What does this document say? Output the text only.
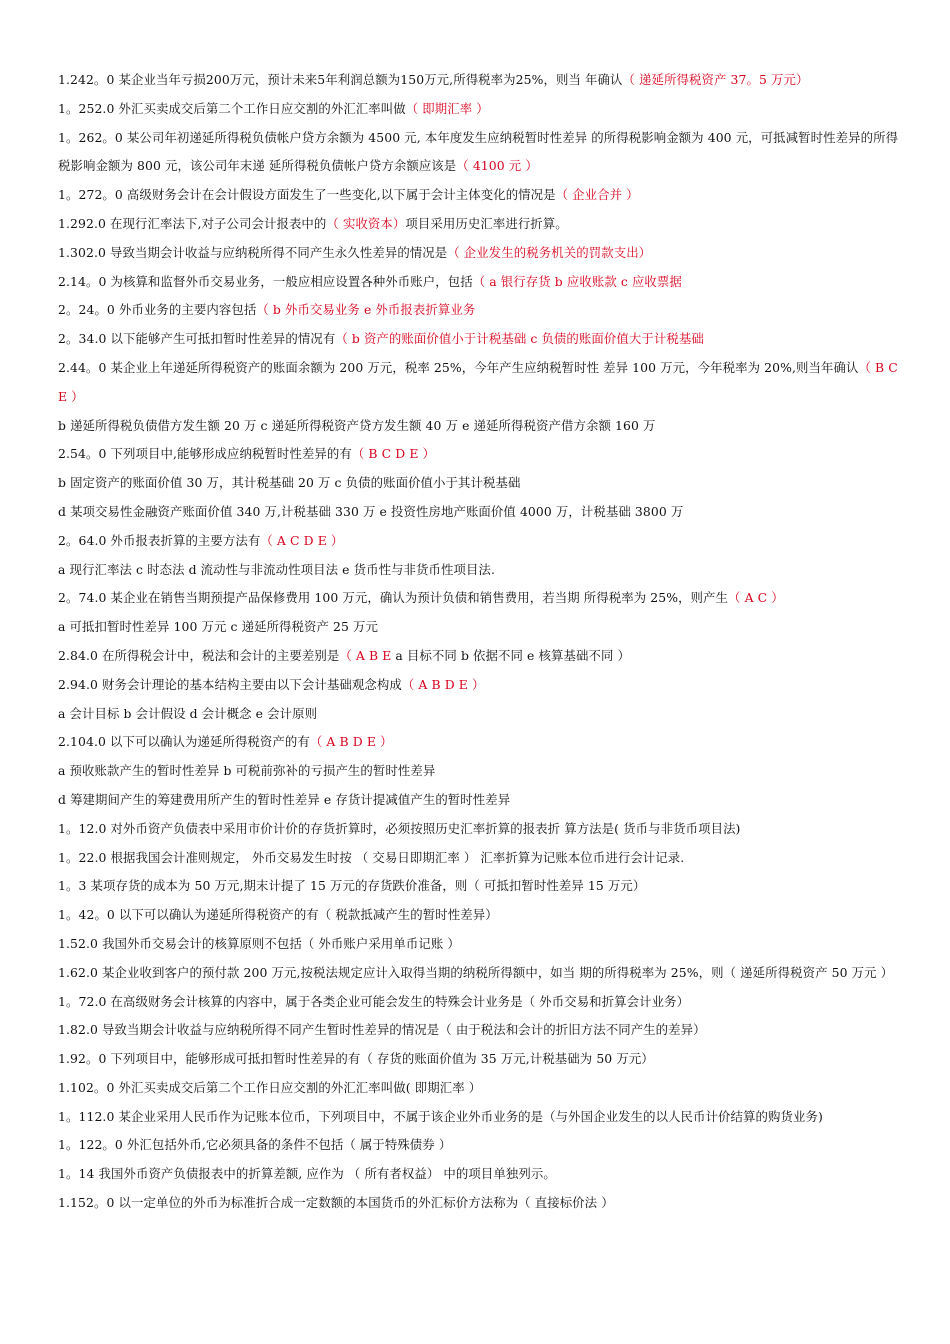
1.242。0 某企业当年亏损200万元，预计未来5年利润总额为150万元,所得税率为25%，则当 年确认（ 递延所得税资产 37。5 万元）
1。252.0 外汇买卖成交后第二个工作日应交割的外汇汇率叫做（ 即期汇率 ）
1。262。0 某公司年初递延所得税负债帐户贷方余额为 4500 元, 本年度发生应纳税暂时性差异 的所得税影响金额为 400 元，可抵减暂时性差异的所得税影响金额为 800 元，该公司年末递 延所得税负债帐户贷方余额应该是（ 4100 元 ）
1。272。0 高级财务会计在会计假设方面发生了一些变化,以下属于会计主体变化的情况是（ 企业合并 ）
1.292.0 在现行汇率法下,对子公司会计报表中的（ 实收资本）项目采用历史汇率进行折算。
1.302.0 导致当期会计收益与应纳税所得不同产生永久性差异的情况是（ 企业发生的税务机关的罚款支出）
2.14。0 为核算和监督外币交易业务，一般应相应设置各种外币账户，包括（ a 银行存货 b 应收账款 c 应收票据
2。24。0 外币业务的主要内容包括（ b 外币交易业务 e 外币报表折算业务
2。34.0 以下能够产生可抵扣暂时性差异的情况有（ b 资产的账面价值小于计税基础 c 负债的账面价值大于计税基础
2.44。0 某企业上年递延所得税资产的账面余额为 200 万元，税率 25%，今年产生应纳税暂时性 差异 100 万元，今年税率为 20%,则当年确认（ B C E ）
b 递延所得税负债借方发生额 20 万 c 递延所得税资产贷方发生额 40 万 e 递延所得税资产借方余额 160 万
2.54。0 下列项目中,能够形成应纳税暂时性差异的有（ B C D E ）
b 固定资产的账面价值 30 万，其计税基础 20 万 c 负债的账面价值小于其计税基础
d 某项交易性金融资产账面价值 340 万,计税基础 330 万 e 投资性房地产账面价值 4000 万，计税基础 3800 万
2。64.0 外币报表折算的主要方法有（ A C D E ）
a 现行汇率法 c 时态法 d 流动性与非流动性项目法 e 货币性与非货币性项目法.
2。74.0 某企业在销售当期预提产品保修费用 100 万元，确认为预计负债和销售费用，若当期 所得税率为 25%，则产生（ A C ）
a 可抵扣暂时性差异 100 万元 c 递延所得税资产 25 万元
2.84.0 在所得税会计中，税法和会计的主要差别是（ A B E a 目标不同 b 依据不同 e 核算基础不同 ）
2.94.0 财务会计理论的基本结构主要由以下会计基础观念构成（ A B D E ）
a 会计目标 b 会计假设 d 会计概念 e 会计原则
2.104.0 以下可以确认为递延所得税资产的有（ A B D E ）
a 预收账款产生的暂时性差异 b 可税前弥补的亏损产生的暂时性差异
d 筹建期间产生的筹建费用所产生的暂时性差异 e 存货计提减值产生的暂时性差异
1。12.0 对外币资产负债表中采用市价计价的存货折算时，必须按照历史汇率折算的报表折 算方法是( 货币与非货币项目法)
1。22.0 根据我国会计准则规定， 外币交易发生时按 （ 交易日即期汇率 ） 汇率折算为记账本位币进行会计记录.
1。3 某项存货的成本为 50 万元,期末计提了 15 万元的存货跌价准备，则（ 可抵扣暂时性差异 15 万元）
1。42。0 以下可以确认为递延所得税资产的有（ 税款抵减产生的暂时性差异）
1.52.0 我国外币交易会计的核算原则不包括（ 外币账户采用单币记账 ）
1.62.0 某企业收到客户的预付款 200 万元,按税法规定应计入取得当期的纳税所得额中，如当 期的所得税率为 25%，则（ 递延所得税资产 50 万元 ）
1。72.0 在高级财务会计核算的内容中，属于各类企业可能会发生的特殊会计业务是（ 外币交易和折算会计业务）
1.82.0 导致当期会计收益与应纳税所得不同产生暂时性差异的情况是（ 由于税法和会计的折旧方法不同产生的差异）
1.92。0 下列项目中，能够形成可抵扣暂时性差异的有（ 存货的账面价值为 35 万元,计税基础为 50 万元）
1.102。0 外汇买卖成交后第二个工作日应交割的外汇汇率叫做( 即期汇率 ）
1。112.0 某企业采用人民币作为记账本位币，下列项目中，不属于该企业外币业务的是（与外国企业发生的以人民币计价结算的购货业务)
1。122。0 外汇包括外币,它必须具备的条件不包括（ 属于特殊债券 ）
1。14 我国外币资产负债报表中的折算差额, 应作为 （ 所有者权益） 中的项目单独列示。
1.152。0 以一定单位的外币为标准折合成一定数额的本国货币的外汇标价方法称为（ 直接标价法 ）
